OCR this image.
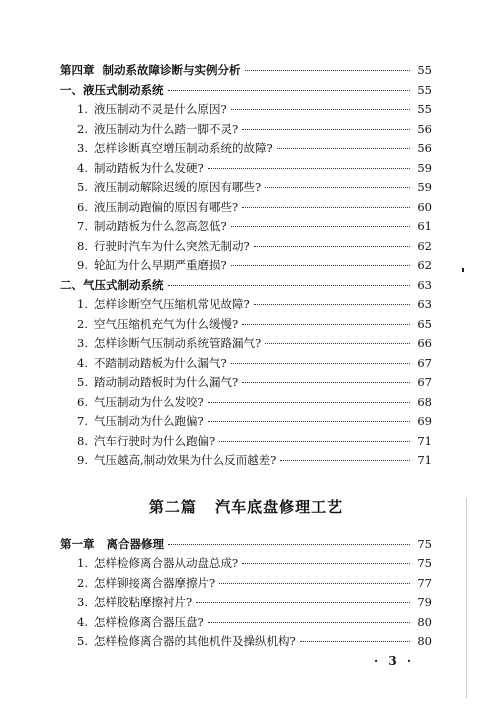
第四章 制动系故障诊断与实例分析	55
一、液压式制动系统	55
1. 液压制动不灵是什么原因?	55
2. 液压制动为什么踏一脚不灵?	56
3. 怎样诊断真空增压制动系统的故障?	56
4. 制动踏板为什么发硬?	59
5. 液压制动解除迟缓的原因有哪些?	59
6. 液压制动跑偏的原因有哪些?	60
7. 制动踏板为什么忽高忽低?	61
8. 行驶时汽车为什么突然无制动?	62
9. 轮缸为什么早期严重磨损?	62
二、气压式制动系统	63
1. 怎样诊断空气压缩机常见故障?	63
2. 空气压缩机充气为什么缓慢?	65
3. 怎样诊断气压制动系统管路漏气?	66
4. 不踏制动踏板为什么漏气?	67
5. 踏动制动踏板时为什么漏气?	67
6. 气压制动为什么发咬?	68
7. 气压制动为什么跑偏?	69
8. 汽车行驶时为什么跑偏?	71
9. 气压越高,制动效果为什么反而越差?	71
第二篇 汽车底盘修理工艺
第一章 离合器修理	75
1. 怎样检修离合器从动盘总成?	75
2. 怎样铆接离合器摩擦片?	77
3. 怎样胶粘摩擦衬片?	79
4. 怎样检修离合器压盘?	80
5. 怎样检修离合器的其他机件及操纵机构?	80
· 3 ·
